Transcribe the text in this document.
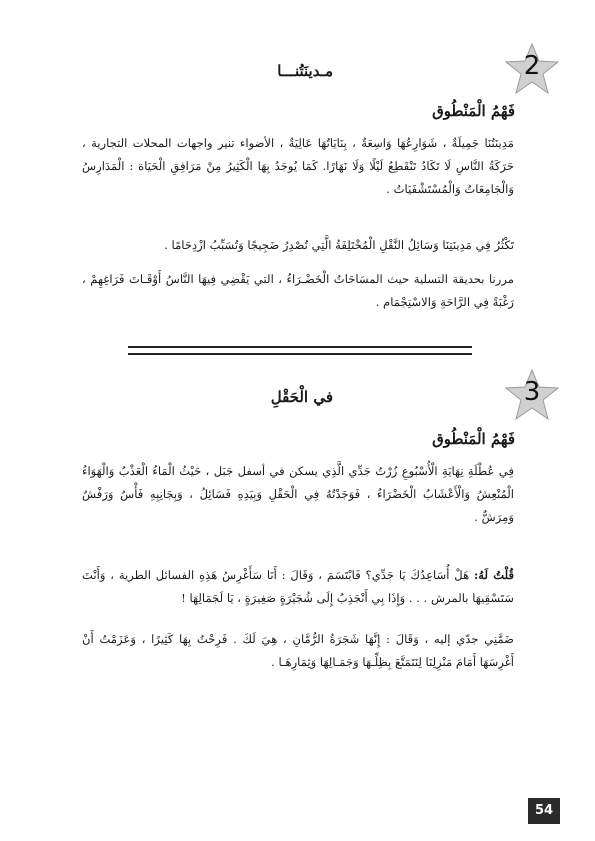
2
مـدينَتُنـــا
فَهْمُ الْمَنْطُوق

مَدِينَتُنَا جَمِيلَةٌ ، شَوَارِعُهَا وَاسِعَةٌ ، بِنَايَاتُهَا عَالِيَةٌ ، الأضواء تنير واجهات المحلات التجارية ، حَرَكَةُ النَّاسِ لَا تَكَادُ تَنْقَطِعُ لَيْلًا وَلَا نَهَارًا. كَمَا يُوجَدُ بِهَا الْكَثِيرُ مِنْ مَرَافِقِ الْحَيَاة : الْمَدَارِسُ وَالْجَامِعَاتُ وَالْمُسْتَشْفَيَاتُ .

تَكْثُرُ فِي مَدِينَتِنَا وَسَائِلُ النَّقْلِ الْمُخْتَلِفَةُ الَّتِي تُصْدِرُ ضَجِيجًا وَتُسَبِّبُ ازْدِحَامًا .

مررنا بحديقة التسلية حيث المسَاحَاتُ الْخَضْـرَاءُ ، التي يَقْضِي فِيهَا النَّاسُ أَوْقَـاتَ فَرَاغِهِمْ ، رَغْبَةً فِي الرَّاحَةِ وَالاسْتِجْمَام .

3
في الْحَقْلِ
فَهْمُ الْمَنْطُوق

فِي عُطْلَةِ نِهَايَةِ الْأُسْبُوعِ زُرْتُ جَدِّي الَّذِي يسكن في أسفل جَبَل ، حَيْثُ الْمَاءُ الْعَذْبُ وَالْهَوَاءُ الْمُنْعِشُ وَالْأَعْشَابُ الْخَضْرَاءُ ، فَوَجَدْتُهُ فِي الْحَقْلِ وَبِيَدِهِ فَسَائِلُ ، وَبِجَانِبِهِ فَأْسٌ وَرَفْشٌ وَمِرَشٌّ .

قُلْتُ لَهُ: هَلْ أُسَاعِدُكَ يَا جَدِّي؟ فَابْتَسَمَ ، وَقَالَ : أَنَا سَأَغْرِسُ هَذِهِ الفسائل الطرية ، وَأَنْتَ سَتَسْقِيهَا بالمرش . . . وَإِذَا بِي أَنْجَذِبُ إِلَى شُجَيْرَةٍ صَغِيرَةٍ ، يَا لَجَمَالِهَا !

ضَمَّنِي جدّي إليه ، وَقَالَ : إِنَّهَا شَجَرَةُ الرُّمَّانِ ، هِيَ لَكَ . فَرِحْتُ بِهَا كَثِيرًا ، وَعَزَمْتُ أَنْ أَغْرِسَهَا أَمَامَ مَنْزِلِنَا لِنَتَمَتَّعَ بِظِلِّـهَا وَجَمَـالِهَا وَثِمَارِهَـا .

54
